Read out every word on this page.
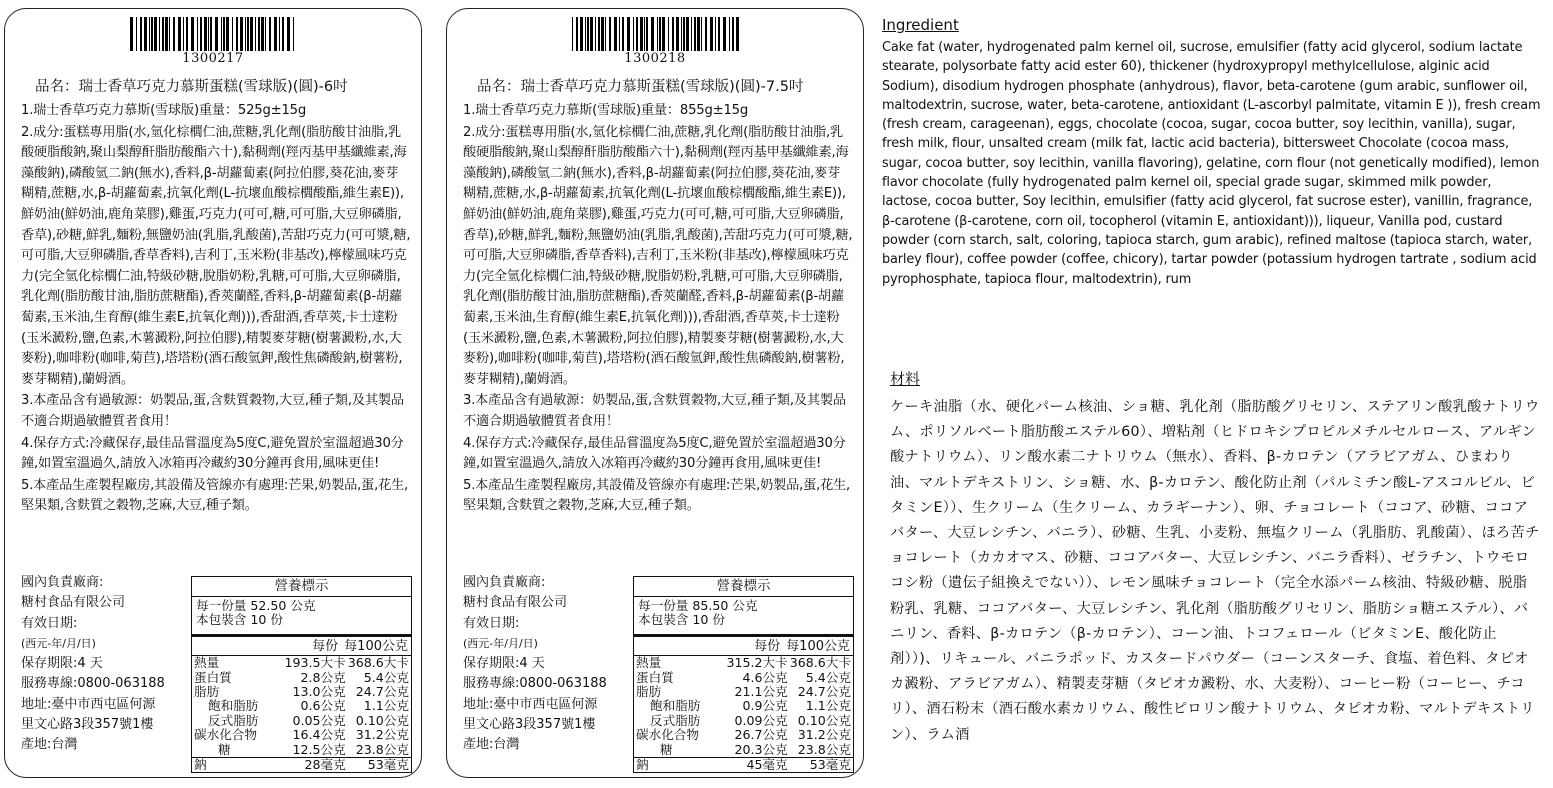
1300217
品名：瑞士香草巧克力慕斯蛋糕(雪球版)(圓)-6吋

1.瑞士香草巧克力慕斯(雪球版)重量：525g±15g

2.成分:蛋糕專用脂(水,氫化棕櫚仁油,蔗糖,乳化劑(脂肪酸甘油脂,乳酸硬脂酸鈉,聚山梨醇酐脂肪酸酯六十),黏稠劑(羥丙基甲基纖維素,海藻酸鈉),磷酸氫二鈉(無水),香料,β-胡蘿蔔素(阿拉伯膠,葵花油,麥芽糊精,蔗糖,水,β-胡蘿蔔素,抗氧化劑(L-抗壞血酸棕櫚酸酯,維生素E)),鮮奶油(鮮奶油,鹿角菜膠),雞蛋,巧克力(可可,糖,可可脂,大豆卵磷脂,香草),砂糖,鮮乳,麵粉,無鹽奶油(乳脂,乳酸菌),苦甜巧克力(可可漿,糖,可可脂,大豆卵磷脂,香草香料),吉利丁,玉米粉(非基改),檸檬風味巧克力(完全氫化棕櫚仁油,特級砂糖,脫脂奶粉,乳糖,可可脂,大豆卵磷脂,乳化劑(脂肪酸甘油,脂肪蔗糖酯),香莢蘭醛,香料,β-胡蘿蔔素(β-胡蘿蔔素,玉米油,生育醇(維生素E,抗氧化劑))),香甜酒,香草莢,卡士達粉(玉米澱粉,鹽,色素,木薯澱粉,阿拉伯膠),精製麥芽糖(樹薯澱粉,水,大麥粉),咖啡粉(咖啡,菊苣),塔塔粉(酒石酸氫鉀,酸性焦磷酸鈉,樹薯粉,麥芽糊精),蘭姆酒。

3.本產品含有過敏源：奶製品,蛋,含麩質穀物,大豆,種子類,及其製品不適合期過敏體質者食用！

4.保存方式:冷藏保存,最佳品嘗溫度為5度C,避免置於室溫超過30分鐘,如置室溫過久,請放入冰箱再冷藏約30分鐘再食用,風味更佳!

5.本產品生產製程廠房,其設備及管線亦有處理:芒果,奶製品,蛋,花生,堅果類,含麩質之穀物,芝麻,大豆,種子類。

國內負責廠商:
糖村食品有限公司
有效日期:
(西元-年/月/日)
保存期限:4 天
服務專線:0800-063188
地址:臺中市西屯區何源
里文心路3段357號1樓
產地:台灣
營養標示
每一份量 52.50 公克
本包裝含 10 份
每份 每100公克
熱量	193.5大卡	368.6大卡
蛋白質	2.8公克	5.4公克
脂肪	13.0公克	24.7公克
飽和脂肪	0.6公克	1.1公克
反式脂肪	0.05公克	0.10公克
碳水化合物	16.4公克	31.2公克
糖	12.5公克	23.8公克
鈉	28毫克	53毫克
1300218
品名：瑞士香草巧克力慕斯蛋糕(雪球版)(圓)-7.5吋

1.瑞士香草巧克力慕斯(雪球版)重量：855g±15g

2.成分:蛋糕專用脂(水,氫化棕櫚仁油,蔗糖,乳化劑(脂肪酸甘油脂,乳酸硬脂酸鈉,聚山梨醇酐脂肪酸酯六十),黏稠劑(羥丙基甲基纖維素,海藻酸鈉),磷酸氫二鈉(無水),香料,β-胡蘿蔔素(阿拉伯膠,葵花油,麥芽糊精,蔗糖,水,β-胡蘿蔔素,抗氧化劑(L-抗壞血酸棕櫚酸酯,維生素E)),鮮奶油(鮮奶油,鹿角菜膠),雞蛋,巧克力(可可,糖,可可脂,大豆卵磷脂,香草),砂糖,鮮乳,麵粉,無鹽奶油(乳脂,乳酸菌),苦甜巧克力(可可漿,糖,可可脂,大豆卵磷脂,香草香料),吉利丁,玉米粉(非基改),檸檬風味巧克力(完全氫化棕櫚仁油,特級砂糖,脫脂奶粉,乳糖,可可脂,大豆卵磷脂,乳化劑(脂肪酸甘油,脂肪蔗糖酯),香莢蘭醛,香料,β-胡蘿蔔素(β-胡蘿蔔素,玉米油,生育醇(維生素E,抗氧化劑))),香甜酒,香草莢,卡士達粉(玉米澱粉,鹽,色素,木薯澱粉,阿拉伯膠),精製麥芽糖(樹薯澱粉,水,大麥粉),咖啡粉(咖啡,菊苣),塔塔粉(酒石酸氫鉀,酸性焦磷酸鈉,樹薯粉,麥芽糊精),蘭姆酒。

3.本產品含有過敏源：奶製品,蛋,含麩質穀物,大豆,種子類,及其製品不適合期過敏體質者食用！

4.保存方式:冷藏保存,最佳品嘗溫度為5度C,避免置於室溫超過30分鐘,如置室溫過久,請放入冰箱再冷藏約30分鐘再食用,風味更佳!

5.本產品生產製程廠房,其設備及管線亦有處理:芒果,奶製品,蛋,花生,堅果類,含麩質之穀物,芝麻,大豆,種子類。

國內負責廠商:
糖村食品有限公司
有效日期:
(西元-年/月/日)
保存期限:4 天
服務專線:0800-063188
地址:臺中市西屯區何源
里文心路3段357號1樓
產地:台灣
營養標示
每一份量 85.50 公克
本包裝含 10 份
每份 每100公克
熱量	315.2大卡	368.6大卡
蛋白質	4.6公克	5.4公克
脂肪	21.1公克	24.7公克
飽和脂肪	0.9公克	1.1公克
反式脂肪	0.09公克	0.10公克
碳水化合物	26.7公克	31.2公克
糖	20.3公克	23.8公克
鈉	45毫克	53毫克
Ingredient
Cake fat (water, hydrogenated palm kernel oil, sucrose, emulsifier (fatty acid glycerol, sodium lactate stearate, polysorbate fatty acid ester 60), thickener (hydroxypropyl methylcellulose, alginic acid Sodium), disodium hydrogen phosphate (anhydrous), flavor, beta-carotene (gum arabic, sunflower oil, maltodextrin, sucrose, water, beta-carotene, antioxidant (L-ascorbyl palmitate, vitamin E )), fresh cream (fresh cream, carageenan), eggs, chocolate (cocoa, sugar, cocoa butter, soy lecithin, vanilla), sugar, fresh milk, flour, unsalted cream (milk fat, lactic acid bacteria), bittersweet Chocolate (cocoa mass, sugar, cocoa butter, soy lecithin, vanilla flavoring), gelatine, corn flour (not genetically modified), lemon flavor chocolate (fully hydrogenated palm kernel oil, special grade sugar, skimmed milk powder, lactose, cocoa butter, Soy lecithin, emulsifier (fatty acid glycerol, fat sucrose ester), vanillin, fragrance, β-carotene (β-carotene, corn oil, tocopherol (vitamin E, antioxidant))), liqueur, Vanilla pod, custard powder (corn starch, salt, coloring, tapioca starch, gum arabic), refined maltose (tapioca starch, water, barley flour), coffee powder (coffee, chicory), tartar powder (potassium hydrogen tartrate , sodium acid pyrophosphate, tapioca flour, maltodextrin), rum
材料
ケーキ油脂（水、硬化パーム核油、ショ糖、乳化剤（脂肪酸グリセリン、ステアリン酸乳酸ナトリウム、ポリソルベート脂肪酸エステル60）、増粘剤（ヒドロキシプロピルメチルセルロース、アルギン酸ナトリウム）、リン酸水素二ナトリウム（無水）、香料、β-カロテン（アラビアガム、ひまわり油、マルトデキストリン、ショ糖、水、β-カロテン、酸化防止剤（パルミチン酸L-アスコルビル、ビタミンE））、生クリーム（生クリーム、カラギーナン）、卵、チョコレート（ココア、砂糖、ココアバター、大豆レシチン、バニラ）、砂糖、生乳、小麦粉、無塩クリーム（乳脂肪、乳酸菌）、ほろ苦チョコレート（カカオマス、砂糖、ココアバター、大豆レシチン、バニラ香料）、ゼラチン、トウモロコシ粉（遺伝子組換えでない））、レモン風味チョコレート（完全水添パーム核油、特級砂糖、脱脂粉乳、乳糖、ココアバター、大豆レシチン、乳化剤（脂肪酸グリセリン、脂肪ショ糖エステル）、バニリン、香料、β-カロテン（β-カロテン）、コーン油、トコフェロール（ビタミンE、酸化防止剤））)、リキュール、バニラポッド、カスタードパウダー（コーンスターチ、食塩、着色料、タピオカ澱粉、アラビアガム）、精製麦芽糖（タピオカ澱粉、水、大麦粉）、コーヒー粉（コーヒー、チコリ）、酒石粉末（酒石酸水素カリウム、酸性ピロリン酸ナトリウム、タピオカ粉、マルトデキストリン）、ラム酒
